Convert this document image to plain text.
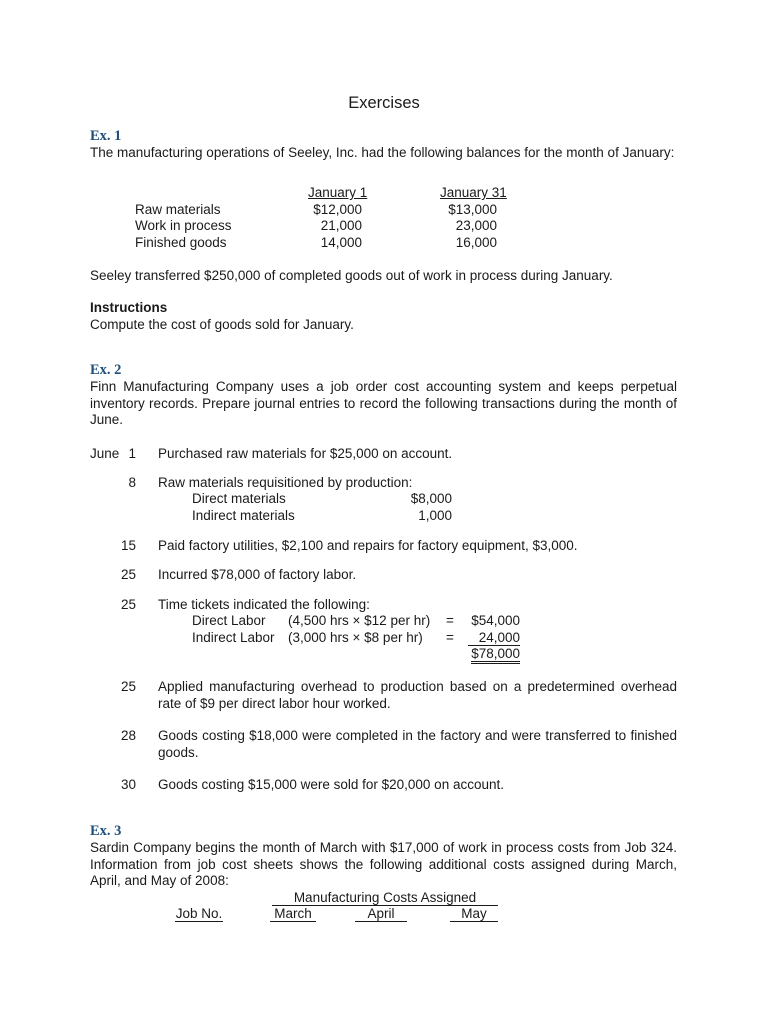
Exercises
Ex. 1
The manufacturing operations of Seeley, Inc. had the following balances for the month of January:
January 1	January 31
Raw materials	$12,000	$13,000
Work in process	21,000	23,000
Finished goods	14,000	16,000
Seeley transferred $250,000 of completed goods out of work in process during January.
Instructions
Compute the cost of goods sold for January.
Ex. 2
Finn Manufacturing Company uses a job order cost accounting system and keeps perpetual inventory records. Prepare journal entries to record the following transactions during the month of June.
June 1 Purchased raw materials for $25,000 on account.
8 Raw materials requisitioned by production:
Direct materials	$8,000
Indirect materials	1,000
15 Paid factory utilities, $2,100 and repairs for factory equipment, $3,000.
25 Incurred $78,000 of factory labor.
25 Time tickets indicated the following:
Direct Labor (4,500 hrs × $12 per hr) =	$54,000
Indirect Labor (3,000 hrs × $8 per hr) =	24,000
$78,000
25 Applied manufacturing overhead to production based on a predetermined overhead rate of $9 per direct labor hour worked.
28 Goods costing $18,000 were completed in the factory and were transferred to finished goods.
30 Goods costing $15,000 were sold for $20,000 on account.
Ex. 3
Sardin Company begins the month of March with $17,000 of work in process costs from Job 324. Information from job cost sheets shows the following additional costs assigned during March, April, and May of 2008:
Manufacturing Costs Assigned
Job No.	March	April	May
